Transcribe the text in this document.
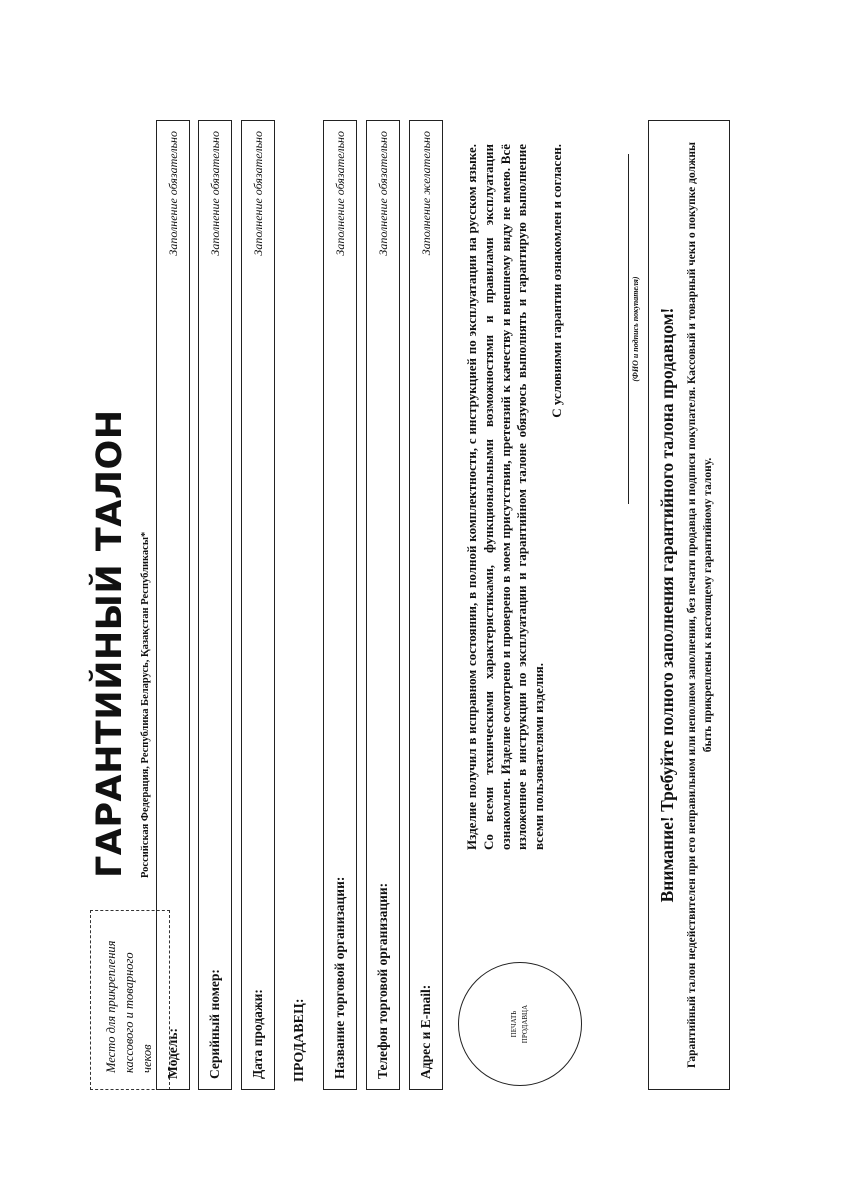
Место для прикрепления кассового и товарного чеков
ГАРАНТИЙНЫЙ ТАЛОН Российская Федерация, Республика Беларусь, Қазақстан Республикасы*
Модель:
Заполнение обязательно
Серийный номер:
Заполнение обязательно
Дата продажи:
Заполнение обязательно
ПРОДАВЕЦ: Название торговой организации:
Заполнение обязательно
Телефон торговой организации:
Заполнение обязательно
Адрес и E-mail:
Заполнение желательно
ПЕЧАТЬ ПРОДАВЦА

Изделие получил в исправном состоянии, в полной комплектности, с инструкцией по эксплуатации на русском языке. Со всеми техническими характеристиками, функциональными возможностями и правилами эксплуатации ознакомлен. Изделие осмотрено и проверено в моем присутствии, претензий к качеству и внешнему виду не имею. Всё изложенное в инструкции по эксплуатации и гарантийном талоне обязуюсь выполнять и гарантирую выполнение всеми пользователями изделия.

С условиями гарантии ознакомлен и согласен.	(ФИО и подпись покупателя) Внимание! Требуйте полного заполнения гарантийного талона продавцом! Гарантийный талон недействителен при его неправильном или неполном заполнении, без печати продавца и подписи покупателя. Кассовый и товарный чеки о покупке должны быть прикреплены к настоящему гарантийному талону.
